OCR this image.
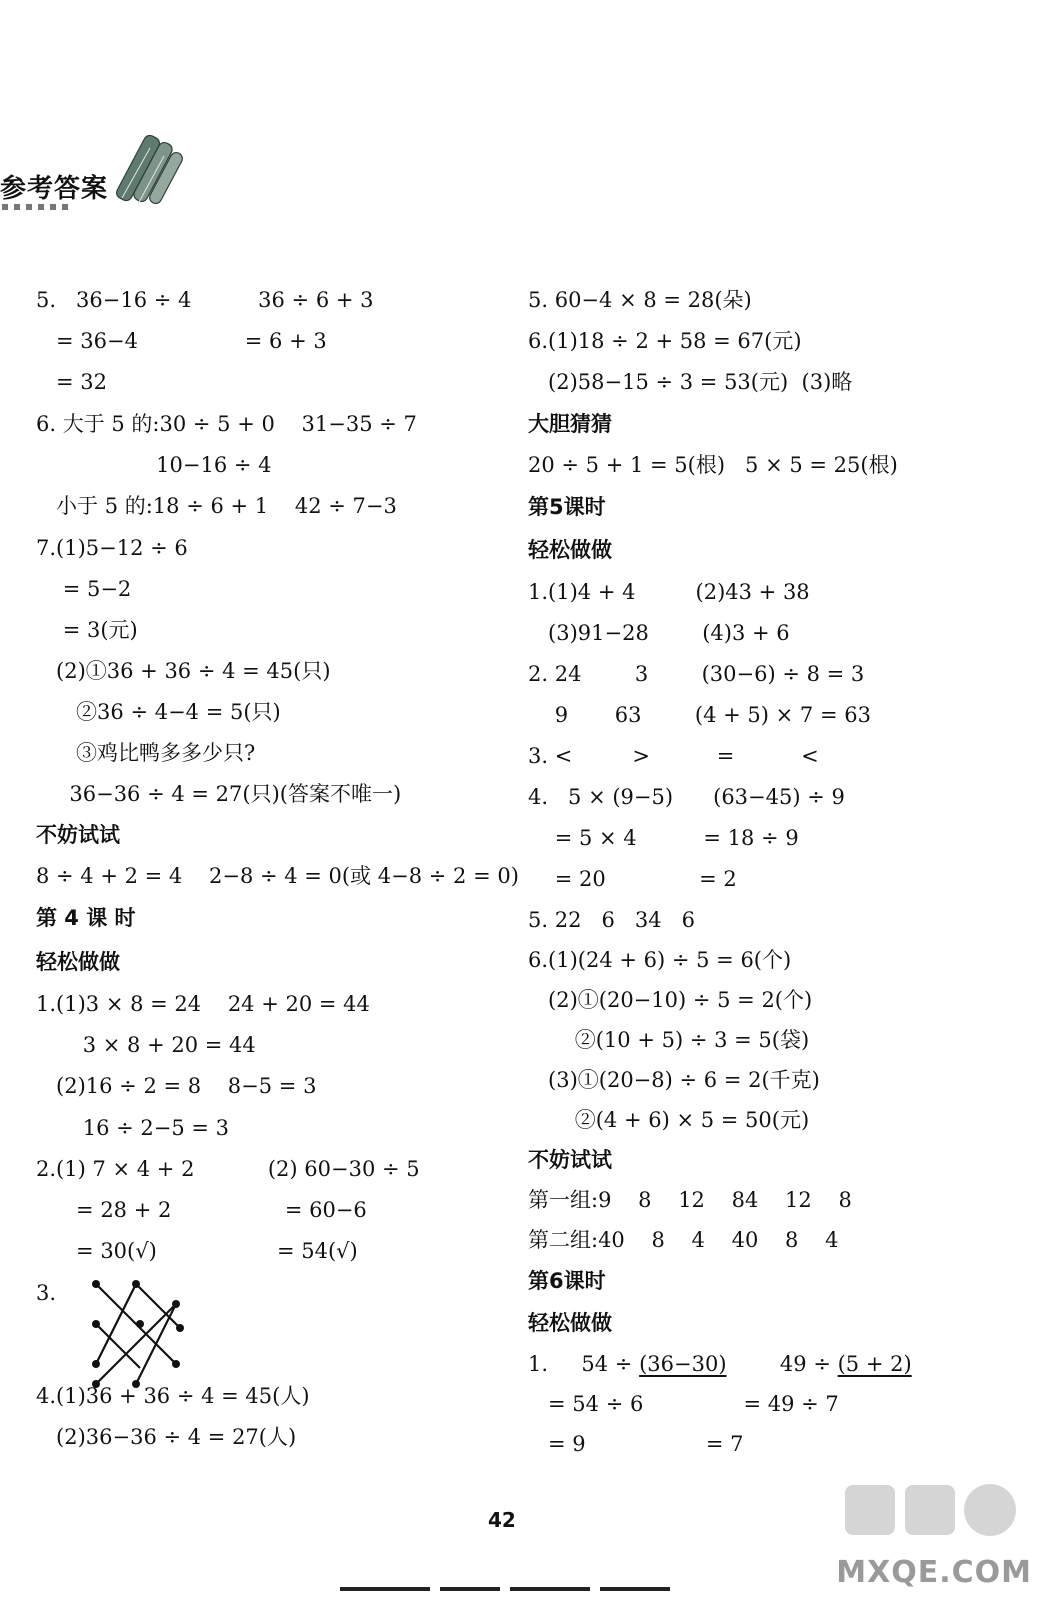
参考答案
5.   36−16 ÷ 4          36 ÷ 6 + 3
= 36−4                = 6 + 3
= 32
6. 大于 5 的:30 ÷ 5 + 0    31−35 ÷ 7
10−16 ÷ 4
小于 5 的:18 ÷ 6 + 1    42 ÷ 7−3
7.(1)5−12 ÷ 6
= 5−2
= 3(元)
(2)①36 + 36 ÷ 4 = 45(只)
②36 ÷ 4−4 = 5(只)
③鸡比鸭多多少只?
36−36 ÷ 4 = 27(只)(答案不唯一)
不妨试试
8 ÷ 4 + 2 = 4    2−8 ÷ 4 = 0(或 4−8 ÷ 2 = 0)
第 4 课 时
轻松做做
1.(1)3 × 8 = 24    24 + 20 = 44
3 × 8 + 20 = 44
(2)16 ÷ 2 = 8    8−5 = 3
16 ÷ 2−5 = 3
2.(1) 7 × 4 + 2           (2) 60−30 ÷ 5
= 28 + 2                 = 60−6
= 30(√)                  = 54(√)
3.
4.(1)36 + 36 ÷ 4 = 45(人)
(2)36−36 ÷ 4 = 27(人)
5. 60−4 × 8 = 28(朵)
6.(1)18 ÷ 2 + 58 = 67(元)
(2)58−15 ÷ 3 = 53(元)  (3)略
大胆猜猜
20 ÷ 5 + 1 = 5(根)   5 × 5 = 25(根)
第5课时
轻松做做
1.(1)4 + 4         (2)43 + 38
(3)91−28        (4)3 + 6
2. 24        3        (30−6) ÷ 8 = 3
9       63        (4 + 5) × 7 = 63
3. <         >          =          <
4.   5 × (9−5)      (63−45) ÷ 9
= 5 × 4          = 18 ÷ 9
= 20              = 2
5. 22   6   34   6
6.(1)(24 + 6) ÷ 5 = 6(个)
(2)①(20−10) ÷ 5 = 2(个)
②(10 + 5) ÷ 3 = 5(袋)
(3)①(20−8) ÷ 6 = 2(千克)
②(4 + 6) × 5 = 50(元)
不妨试试
第一组:9    8    12    84    12    8
第二组:40    8    4    40    8    4
第6课时
轻松做做
1.     54 ÷ (36−30)        49 ÷ (5 + 2)
= 54 ÷ 6               = 49 ÷ 7
= 9                  = 7
42
MXQE.COM
